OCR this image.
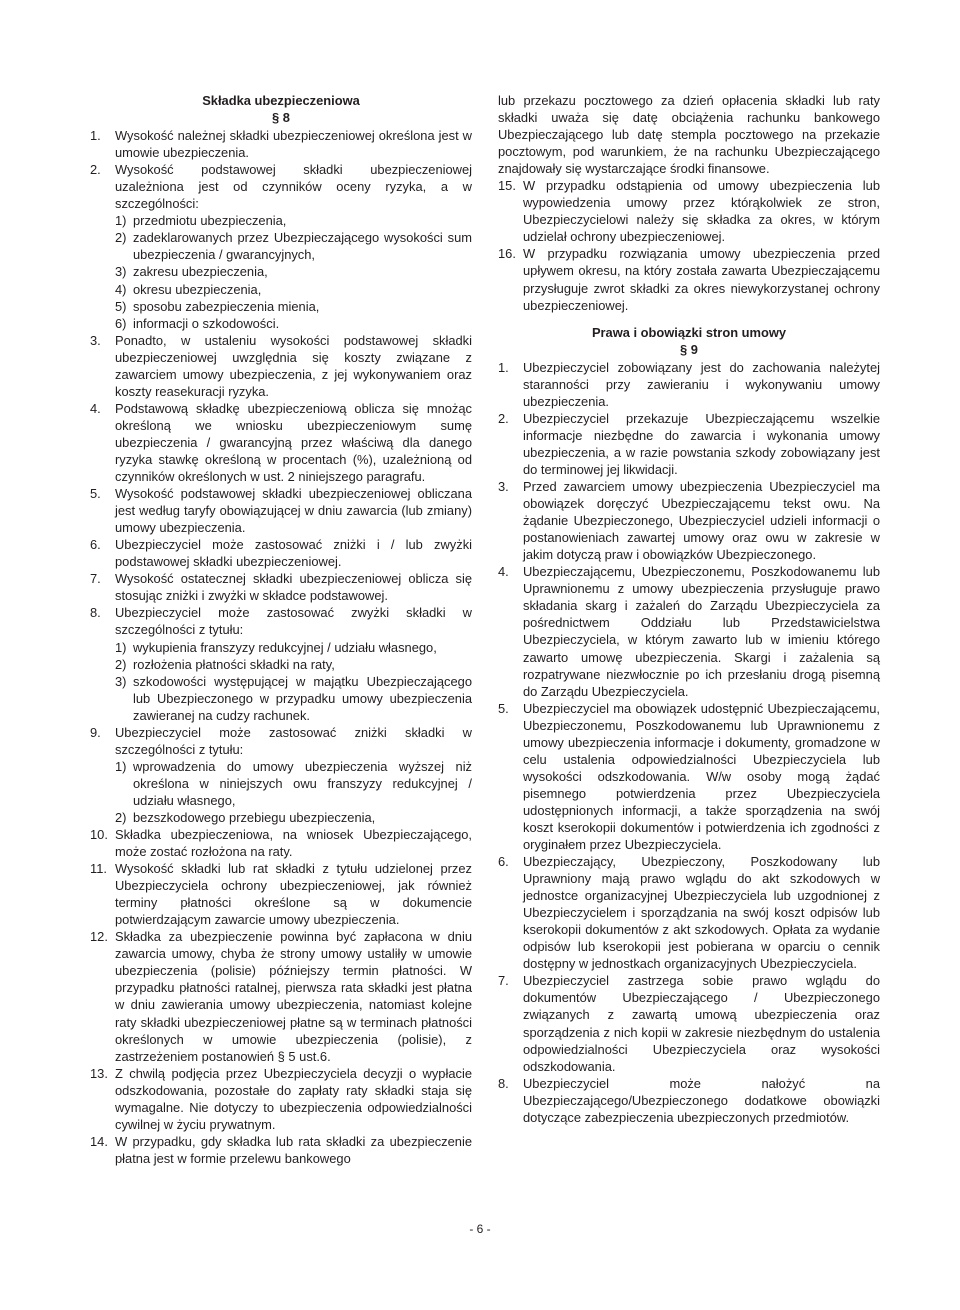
Składka ubezpieczeniowa

§ 8

1. Wysokość należnej składki ubezpieczeniowej określona jest w umowie ubezpieczenia.
2. Wysokość podstawowej składki ubezpieczeniowej uzależniona jest od czynników oceny ryzyka, a w szczególności:
1) przedmiotu ubezpieczenia,
2) zadeklarowanych przez Ubezpieczającego wysokości sum ubezpieczenia / gwarancyjnych,
3) zakresu ubezpieczenia,
4) okresu ubezpieczenia,
5) sposobu zabezpieczenia mienia,
6) informacji o szkodowości.
3. Ponadto, w ustaleniu wysokości podstawowej składki ubezpieczeniowej uwzględnia się koszty związane z zawarciem umowy ubezpieczenia, z jej wykonywaniem oraz koszty reasekuracji ryzyka.
4. Podstawową składkę ubezpieczeniową oblicza się mnożąc określoną we wniosku ubezpieczeniowym sumę ubezpieczenia / gwarancyjną przez właściwą dla danego ryzyka stawkę określoną w procentach (%), uzależnioną od czynników określonych w ust. 2 niniejszego paragrafu.
5. Wysokość podstawowej składki ubezpieczeniowej obliczana jest według taryfy obowiązującej w dniu zawarcia (lub zmiany) umowy ubezpieczenia.
6. Ubezpieczyciel może zastosować zniżki i / lub zwyżki podstawowej składki ubezpieczeniowej.
7. Wysokość ostatecznej składki ubezpieczeniowej oblicza się stosując zniżki i zwyżki w składce podstawowej.
8. Ubezpieczyciel może zastosować zwyżki składki w szczególności z tytułu:
1) wykupienia franszyzy redukcyjnej / udziału własnego,
2) rozłożenia płatności składki na raty,
3) szkodowości występującej w majątku Ubezpieczającego lub Ubezpieczonego w przypadku umowy ubezpieczenia zawieranej na cudzy rachunek.
9. Ubezpieczyciel może zastosować zniżki składki w szczególności z tytułu:
1) wprowadzenia do umowy ubezpieczenia wyższej niż określona w niniejszych owu franszyzy redukcyjnej / udziału własnego,
2) bezszkodowego przebiegu ubezpieczenia,
10. Składka ubezpieczeniowa, na wniosek Ubezpieczającego, może zostać rozłożona na raty.
11. Wysokość składki lub rat składki z tytułu udzielonej przez Ubezpieczyciela ochrony ubezpieczeniowej, jak również terminy płatności określone są w dokumencie potwierdzającym zawarcie umowy ubezpieczenia.
12. Składka za ubezpieczenie powinna być zapłacona w dniu zawarcia umowy, chyba że strony umowy ustaliły w umowie ubezpieczenia (polisie) późniejszy termin płatności. W przypadku płatności ratalnej, pierwsza rata składki jest płatna w dniu zawierania umowy ubezpieczenia, natomiast kolejne raty składki ubezpieczeniowej płatne są w terminach płatności określonych w umowie ubezpieczenia (polisie), z zastrzeżeniem postanowień § 5 ust.6.
13. Z chwilą podjęcia przez Ubezpieczyciela decyzji o wypłacie odszkodowania, pozostałe do zapłaty raty składki staja się wymagalne. Nie dotyczy to ubezpieczenia odpowiedzialności cywilnej w życiu prywatnym.
14. W przypadku, gdy składka lub rata składki za ubezpieczenie płatna jest w formie przelewu bankowego

lub przekazu pocztowego za dzień opłacenia składki lub raty składki uważa się datę obciążenia rachunku bankowego Ubezpieczającego lub datę stempla pocztowego na przekazie pocztowym, pod warunkiem, że na rachunku Ubezpieczającego znajdowały się wystarczające środki finansowe.

15. W przypadku odstąpienia od umowy ubezpieczenia lub wypowiedzenia umowy przez którąkolwiek ze stron, Ubezpieczycielowi należy się składka za okres, w którym udzielał ochrony ubezpieczeniowej.
16. W przypadku rozwiązania umowy ubezpieczenia przed upływem okresu, na który została zawarta Ubezpieczającemu przysługuje zwrot składki za okres niewykorzystanej ochrony ubezpieczeniowej.

Prawa i obowiązki stron umowy

§ 9

1. Ubezpieczyciel zobowiązany jest do zachowania należytej staranności przy zawieraniu i wykonywaniu umowy ubezpieczenia.
2. Ubezpieczyciel przekazuje Ubezpieczającemu wszelkie informacje niezbędne do zawarcia i wykonania umowy ubezpieczenia, a w razie powstania szkody zobowiązany jest do terminowej jej likwidacji.
3. Przed zawarciem umowy ubezpieczenia Ubezpieczyciel ma obowiązek doręczyć Ubezpieczającemu tekst owu. Na żądanie Ubezpieczonego, Ubezpieczyciel udzieli informacji o postanowieniach zawartej umowy oraz owu w zakresie w jakim dotyczą praw i obowiązków Ubezpieczonego.
4. Ubezpieczającemu, Ubezpieczonemu, Poszkodowanemu lub Uprawnionemu z umowy ubezpieczenia przysługuje prawo składania skarg i zażaleń do Zarządu Ubezpieczyciela za pośrednictwem Oddziału lub Przedstawicielstwa Ubezpieczyciela, w którym zawarto lub w imieniu którego zawarto umowę ubezpieczenia. Skargi i zażalenia są rozpatrywane niezwłocznie po ich przesłaniu drogą pisemną do Zarządu Ubezpieczyciela.
5. Ubezpieczyciel ma obowiązek udostępnić Ubezpieczającemu, Ubezpieczonemu, Poszkodowanemu lub Uprawnionemu z umowy ubezpieczenia informacje i dokumenty, gromadzone w celu ustalenia odpowiedzialności Ubezpieczyciela lub wysokości odszkodowania. W/w osoby mogą żądać pisemnego potwierdzenia przez Ubezpieczyciela udostępnionych informacji, a także sporządzenia na swój koszt kserokopii dokumentów i potwierdzenia ich zgodności z oryginałem przez Ubezpieczyciela.
6. Ubezpieczający, Ubezpieczony, Poszkodowany lub Uprawniony mają prawo wglądu do akt szkodowych w jednostce organizacyjnej Ubezpieczyciela lub uzgodnionej z Ubezpieczycielem i sporządzania na swój koszt odpisów lub kserokopii dokumentów z akt szkodowych. Opłata za wydanie odpisów lub kserokopii jest pobierana w oparciu o cennik dostępny w jednostkach organizacyjnych Ubezpieczyciela.
7. Ubezpieczyciel zastrzega sobie prawo wglądu do dokumentów Ubezpieczającego / Ubezpieczonego związanych z zawartą umową ubezpieczenia oraz sporządzenia z nich kopii w zakresie niezbędnym do ustalenia odpowiedzialności Ubezpieczyciela oraz wysokości odszkodowania.
8. Ubezpieczyciel może nałożyć na Ubezpieczającego/Ubezpieczonego dodatkowe obowiązki dotyczące zabezpieczenia ubezpieczonych przedmiotów.
- 6 -
